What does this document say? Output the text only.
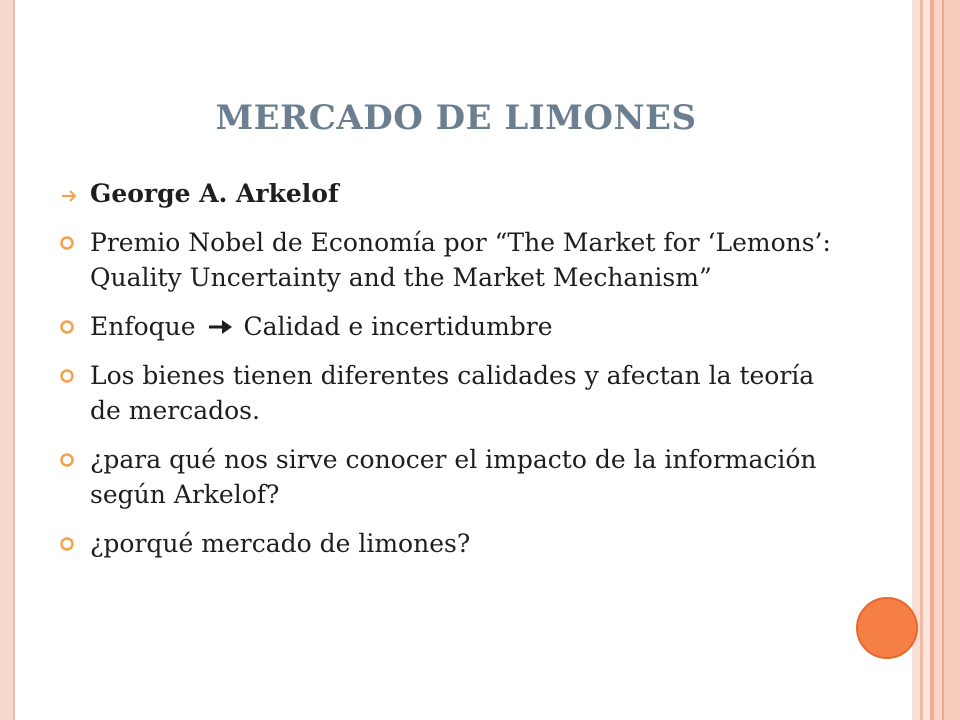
MERCADO DE LIMONES
George A. Arkelof
Premio Nobel de Economía por “The Market for ‘Lemons’: Quality Uncertainty and the Market Mechanism”
Enfoque Calidad e incertidumbre
Los bienes tienen diferentes calidades y afectan la teoría de mercados.
¿para qué nos sirve conocer el impacto de la información según Arkelof?
¿porqué mercado de limones?
